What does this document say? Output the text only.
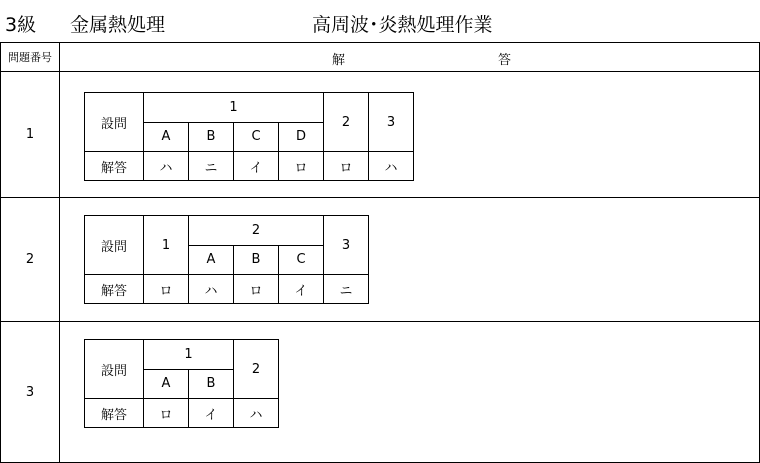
3級 金属熱処理	高周波･炎熱処理作業
問題番号	解	答

1	
設問	1	2	3
A	B	C	D
解答	ハ	ニ	イ	ロ	ロ	ハ

2	
設問	1	2	3
A	B	C
解答	ロ	ハ	ロ	イ	ニ

3	
設問	1	2
A	B
解答	ロ	イ	ハ
